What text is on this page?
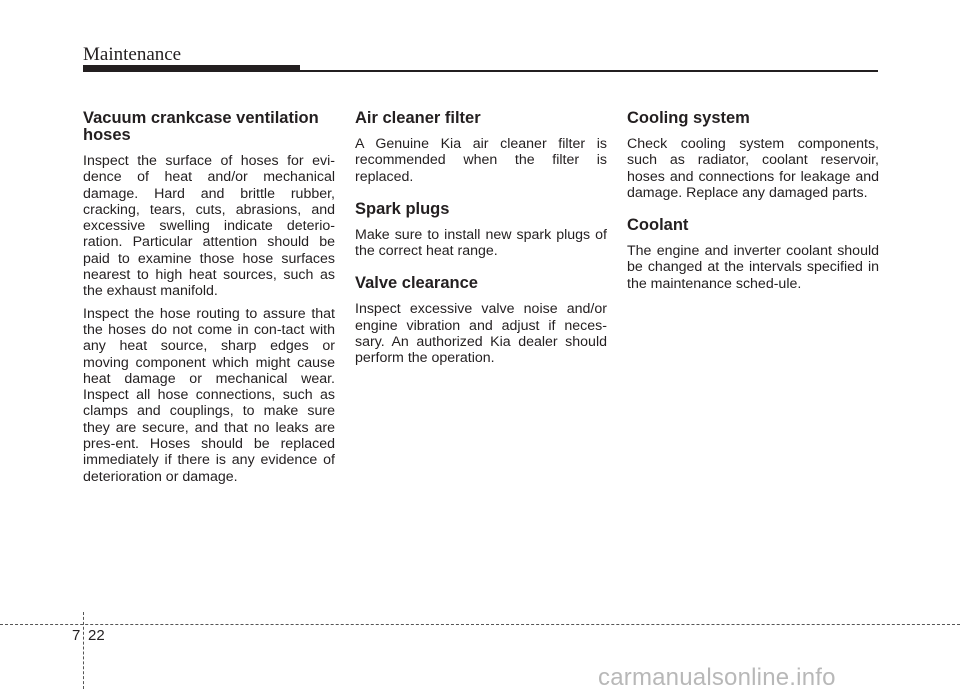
Maintenance
Vacuum crankcase ventilation hoses

Inspect the surface of hoses for evi-dence of heat and/or mechanical damage. Hard and brittle rubber, cracking, tears, cuts, abrasions, and excessive swelling indicate deterio-ration. Particular attention should be paid to examine those hose surfaces nearest to high heat sources, such as the exhaust manifold.

Inspect the hose routing to assure that the hoses do not come in con-tact with any heat source, sharp edges or moving component which might cause heat damage or mechanical wear. Inspect all hose connections, such as clamps and couplings, to make sure they are secure, and that no leaks are pres-ent. Hoses should be replaced immediately if there is any evidence of deterioration or damage.

Air cleaner filter

A Genuine Kia air cleaner filter is recommended when the filter is replaced.

Spark plugs

Make sure to install new spark plugs of the correct heat range.

Valve clearance

Inspect excessive valve noise and/or engine vibration and adjust if neces-sary. An authorized Kia dealer should perform the operation.

Cooling system

Check cooling system components, such as radiator, coolant reservoir, hoses and connections for leakage and damage. Replace any damaged parts.

Coolant

The engine and inverter coolant should be changed at the intervals specified in the maintenance sched-ule.

7 22
carmanualsonline.info
